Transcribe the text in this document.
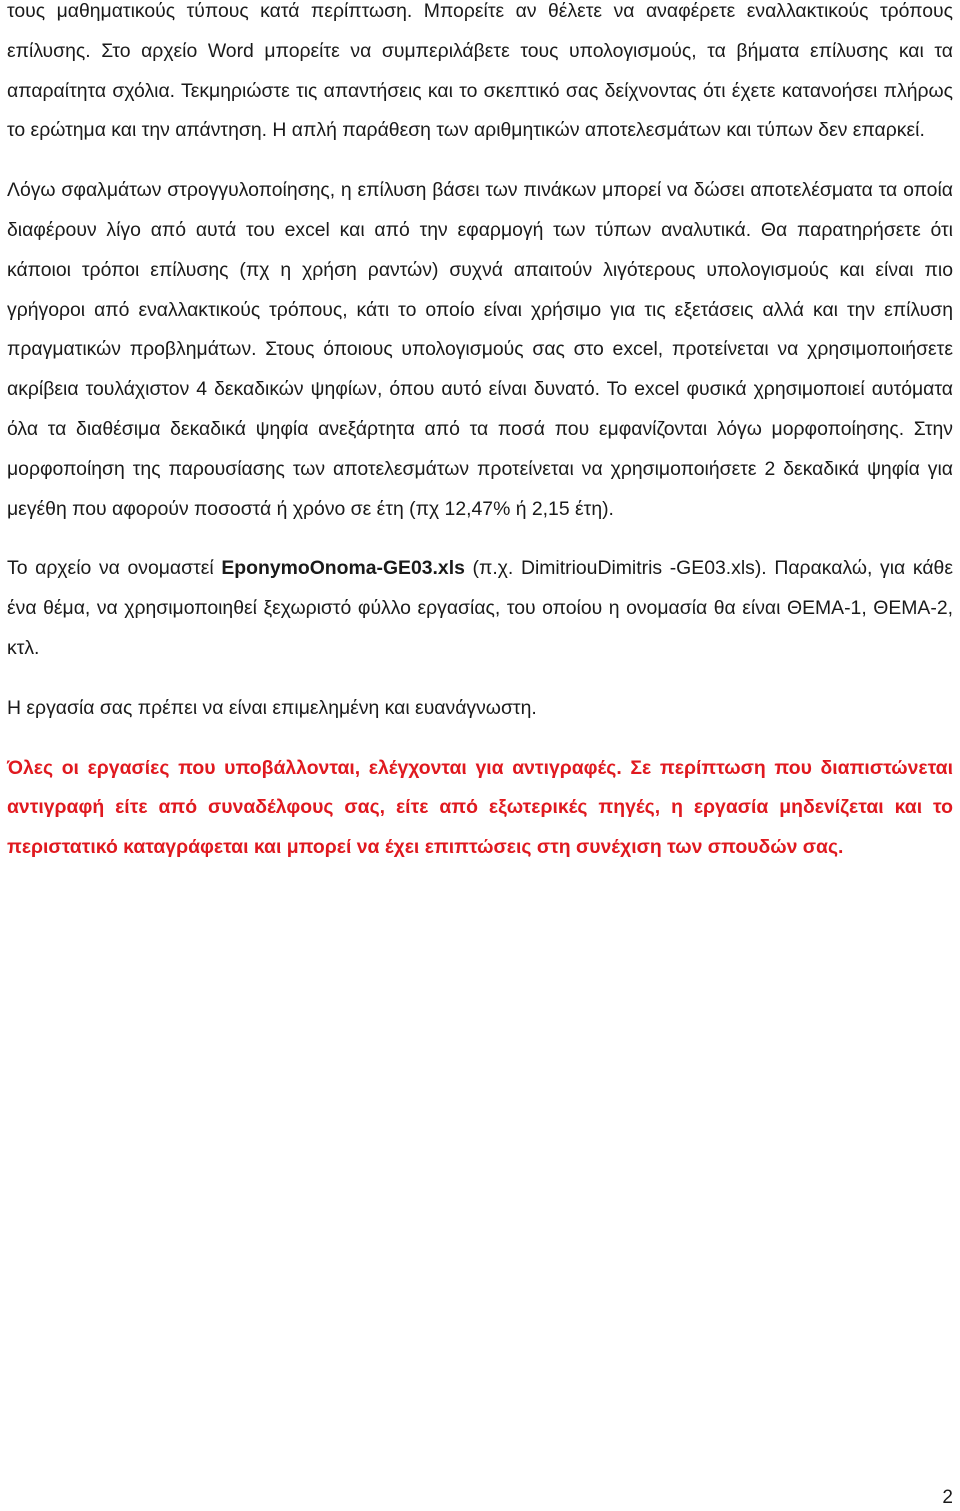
τους μαθηματικούς τύπους κατά περίπτωση. Μπορείτε αν θέλετε να αναφέρετε εναλλακτικούς τρόπους επίλυσης. Στο αρχείο Word μπορείτε να συμπεριλάβετε τους υπολογισμούς, τα βήματα επίλυσης και τα απαραίτητα σχόλια. Τεκμηριώστε τις απαντήσεις και το σκεπτικό σας δείχνοντας ότι έχετε κατανοήσει πλήρως το ερώτημα και την απάντηση. Η απλή παράθεση των αριθμητικών αποτελεσμάτων και τύπων δεν επαρκεί.

Λόγω σφαλμάτων στρογγυλοποίησης, η επίλυση βάσει των πινάκων μπορεί να δώσει αποτελέσματα τα οποία διαφέρουν λίγο από αυτά του excel και από την εφαρμογή των τύπων αναλυτικά. Θα παρατηρήσετε ότι κάποιοι τρόποι επίλυσης (πχ η χρήση ραντών) συχνά απαιτούν λιγότερους υπολογισμούς και είναι πιο γρήγοροι από εναλλακτικούς τρόπους, κάτι το οποίο είναι χρήσιμο για τις εξετάσεις αλλά και την επίλυση πραγματικών προβλημάτων. Στους όποιους υπολογισμούς σας στο excel, προτείνεται να χρησιμοποιήσετε ακρίβεια τουλάχιστον 4 δεκαδικών ψηφίων, όπου αυτό είναι δυνατό. Το excel φυσικά χρησιμοποιεί αυτόματα όλα τα διαθέσιμα δεκαδικά ψηφία ανεξάρτητα από τα ποσά που εμφανίζονται λόγω μορφοποίησης. Στην μορφοποίηση της παρουσίασης των αποτελεσμάτων προτείνεται να χρησιμοποιήσετε 2 δεκαδικά ψηφία για μεγέθη που αφορούν ποσοστά ή χρόνο σε έτη (πχ 12,47% ή 2,15 έτη).

Το αρχείο να ονομαστεί EponymoOnoma-GE03.xls (π.χ. DimitriouDimitris -GE03.xls). Παρακαλώ, για κάθε ένα θέμα, να χρησιμοποιηθεί ξεχωριστό φύλλο εργασίας, του οποίου η ονομασία θα είναι ΘΕΜΑ-1, ΘΕΜΑ-2, κτλ.

Η εργασία σας πρέπει να είναι επιμελημένη και ευανάγνωστη.

Όλες οι εργασίες που υποβάλλονται, ελέγχονται για αντιγραφές. Σε περίπτωση που διαπιστώνεται αντιγραφή είτε από συναδέλφους σας, είτε από εξωτερικές πηγές, η εργασία μηδενίζεται και το περιστατικό καταγράφεται και μπορεί να έχει επιπτώσεις στη συνέχιση των σπουδών σας.

2
